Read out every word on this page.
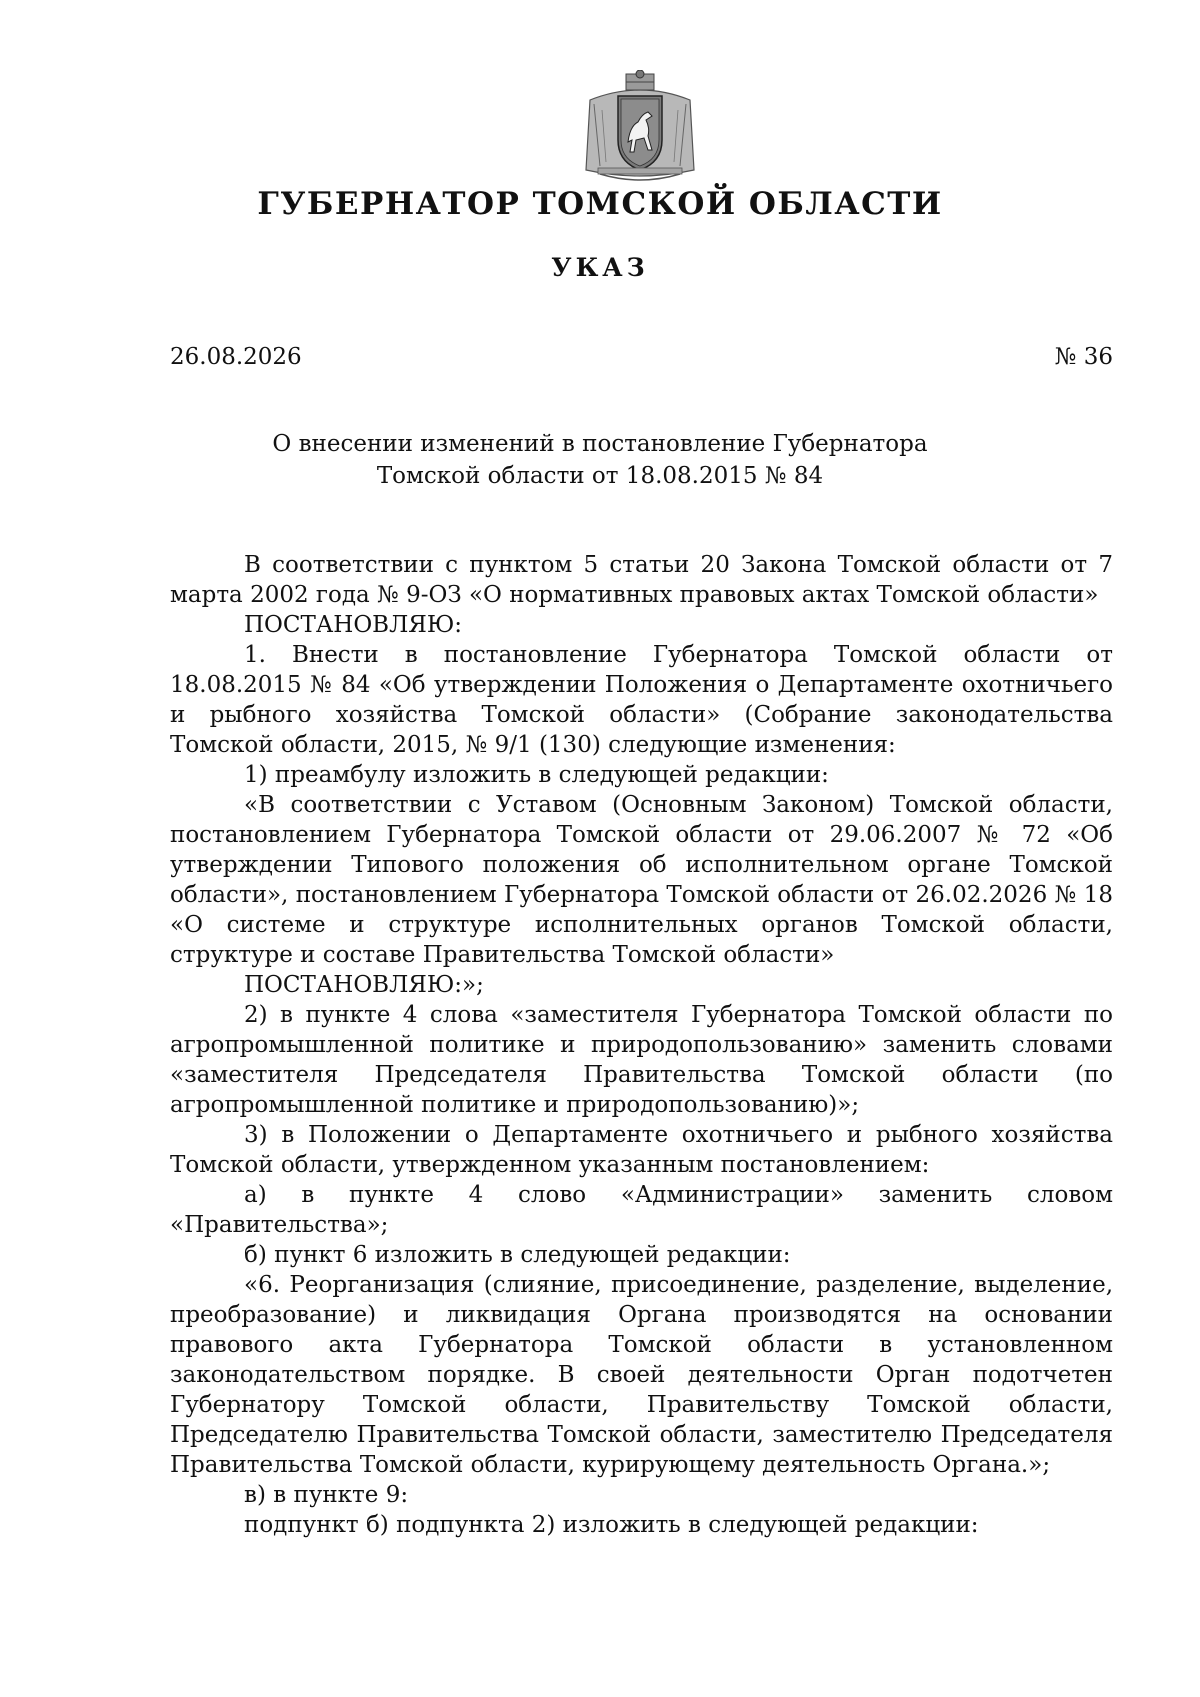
ГУБЕРНАТОР ТОМСКОЙ ОБЛАСТИ
УКАЗ
26.08.2026	№ 36
О внесении изменений в постановление Губернатора
Томской области от 18.08.2015 № 84

В соответствии с пунктом 5 статьи 20 Закона Томской области от 7 марта 2002 года № 9-ОЗ «О нормативных правовых актах Томской области»

ПОСТАНОВЛЯЮ:

1. Внести в постановление Губернатора Томской области от 18.08.2015 № 84 «Об утверждении Положения о Департаменте охотничьего и рыбного хозяйства Томской области» (Собрание законодательства Томской области, 2015, № 9/1 (130) следующие изменения:

1) преамбулу изложить в следующей редакции:

«В соответствии с Уставом (Основным Законом) Томской области, постановлением Губернатора Томской области от 29.06.2007 № 72 «Об утверждении Типового положения об исполнительном органе Томской области», постановлением Губернатора Томской области от 26.02.2026 № 18 «О системе и структуре исполнительных органов Томской области, структуре и составе Правительства Томской области»

ПОСТАНОВЛЯЮ:»;

2) в пункте 4 слова «заместителя Губернатора Томской области по агропромышленной политике и природопользованию» заменить словами «заместителя Председателя Правительства Томской области (по агропромышленной политике и природопользованию)»;

3) в Положении о Департаменте охотничьего и рыбного хозяйства Томской области, утвержденном указанным постановлением:

а) в пункте 4 слово «Администрации» заменить словом «Правительства»;

б) пункт 6 изложить в следующей редакции:

«6. Реорганизация (слияние, присоединение, разделение, выделение, преобразование) и ликвидация Органа производятся на основании правового акта Губернатора Томской области в установленном законодательством порядке. В своей деятельности Орган подотчетен Губернатору Томской области, Правительству Томской области, Председателю Правительства Томской области, заместителю Председателя Правительства Томской области, курирующему деятельность Органа.»;

в) в пункте 9:

подпункт б) подпункта 2) изложить в следующей редакции:
